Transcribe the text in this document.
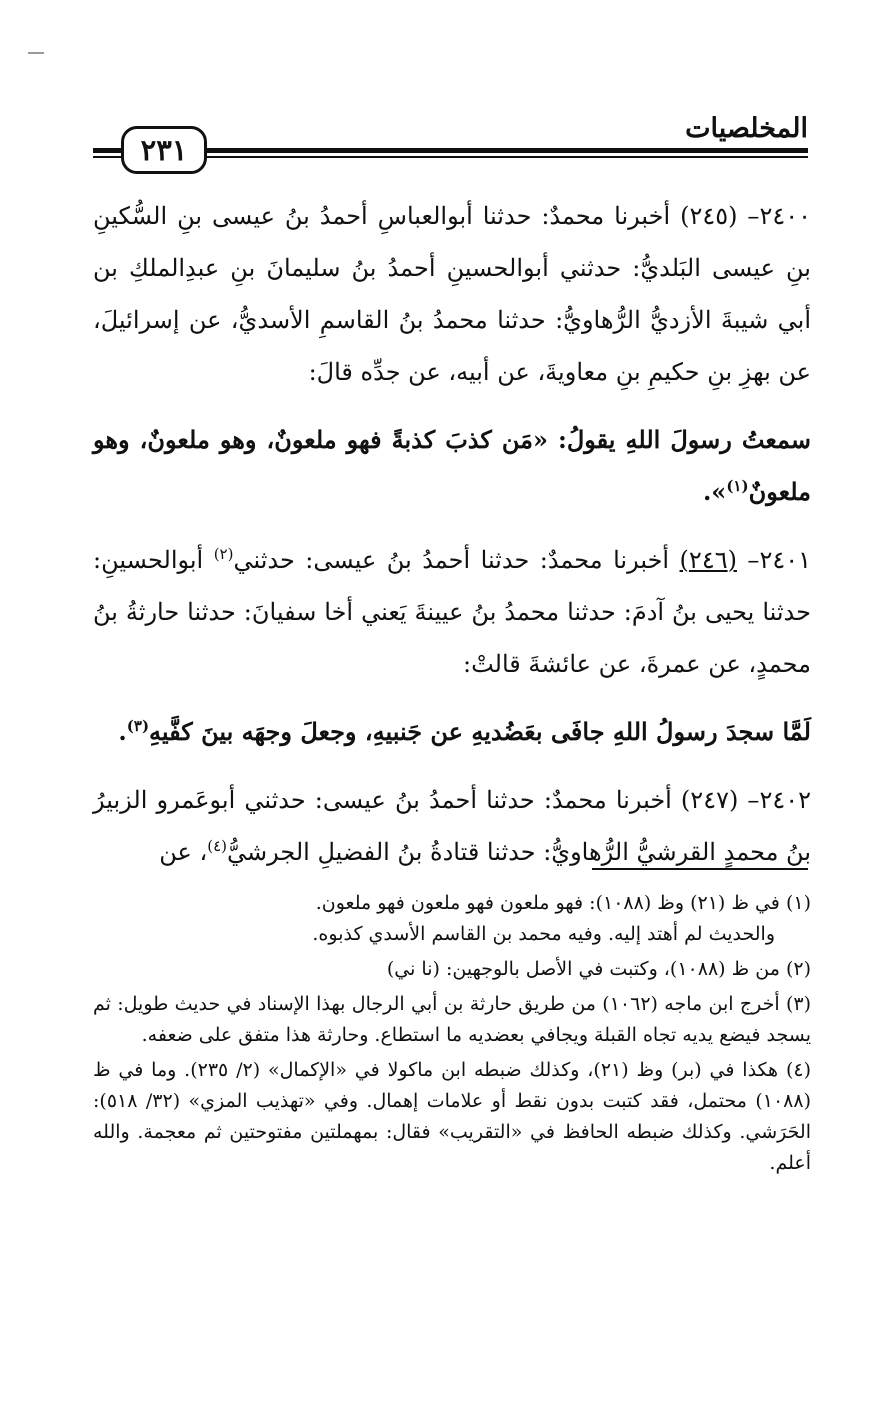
المخلصيات
٢٣١

٢٤٠٠– (٢٤٥) أخبرنا محمدٌ: حدثنا أبوالعباسِ أحمدُ بنُ عيسى بنِ السُّكينِ بنِ عيسى البَلديُّ: حدثني أبوالحسينِ أحمدُ بنُ سليمانَ بنِ عبدِالملكِ بن أبي شيبةَ الأزديُّ الرُّهاويُّ: حدثنا محمدُ بنُ القاسمِ الأسديُّ، عن إسرائيلَ، عن بهزِ بنِ حكيمِ بنِ معاويةَ، عن أبيه، عن جدِّه قالَ:

سمعتُ رسولَ اللهِ يقولُ: «مَن كذبَ كذبةً فهو ملعونٌ، وهو ملعونٌ، وهو ملعونٌ$^{(١)}$».

٢٤٠١– (٢٤٦) أخبرنا محمدٌ: حدثنا أحمدُ بنُ عيسى: حدثني$^{(٢)}$ أبوالحسينِ: حدثنا يحيى بنُ آدمَ: حدثنا محمدُ بنُ عيينةَ يَعني أخا سفيانَ: حدثنا حارثةُ بنُ محمدٍ، عن عمرةَ، عن عائشةَ قالتْ:

لَمَّا سجدَ رسولُ اللهِ جافَى بعَضُديهِ عن جَنبيهِ، وجعلَ وجهَه بينَ كفَّيهِ$^{(٣)}$.

٢٤٠٢– (٢٤٧) أخبرنا محمدٌ: حدثنا أحمدُ بنُ عيسى: حدثني أبوعَمرو الزبيرُ بنُ محمدٍ القرشيُّ الرُّهاويُّ: حدثنا قتادةُ بنُ الفضيلِ الجرشيُّ$^{(٤)}$، عن

(١) في ظ (٢١) وظ (١٠٨٨): فهو ملعون فهو ملعون فهو ملعون.
والحديث لم أهتد إليه. وفيه محمد بن القاسم الأسدي كذبوه.

(٢) من ظ (١٠٨٨)، وكتبت في الأصل بالوجهين: (نا ني)

(٣) أخرج ابن ماجه (١٠٦٢) من طريق حارثة بن أبي الرجال بهذا الإسناد في حديث طويل: ثم يسجد فيضع يديه تجاه القبلة ويجافي بعضديه ما استطاع. وحارثة هذا متفق على ضعفه.

(٤) هكذا في (بر) وظ (٢١)، وكذلك ضبطه ابن ماكولا في «الإكمال» (٢/ ٢٣٥). وما في ظ (١٠٨٨) محتمل، فقد كتبت بدون نقط أو علامات إهمال. وفي «تهذيب المزي» (٣٢/ ٥١٨): الحَرَشي. وكذلك ضبطه الحافظ في «التقريب» فقال: بمهملتين مفتوحتين ثم معجمة. والله أعلم.
